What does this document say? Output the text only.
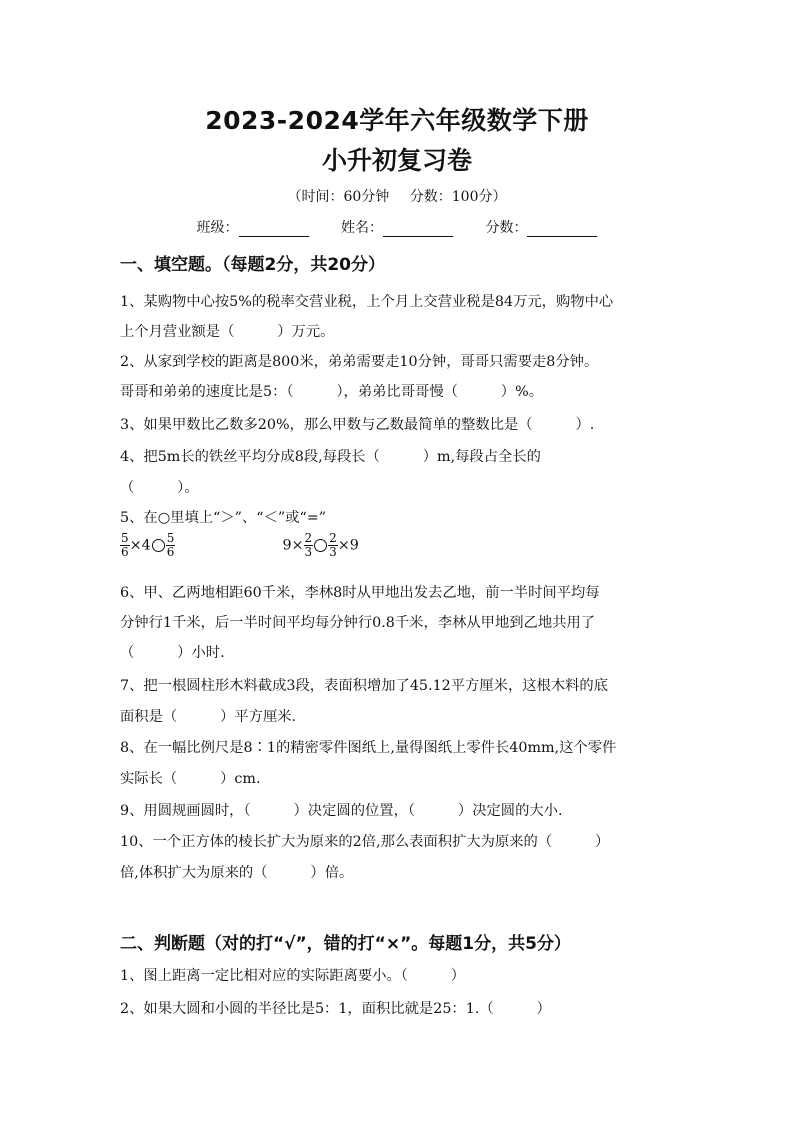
2023-2024学年六年级数学下册
小升初复习卷
（时间：60分钟 分数：100分）
班级：	姓名：	分数：
一、填空题。（每题2分，共20分）
1、某购物中心按5%的税率交营业税，上个月上交营业税是84万元，购物中心
上个月营业额是（　　　）万元。
2、从家到学校的距离是800米，弟弟需要走10分钟，哥哥只需要走8分钟。
哥哥和弟弟的速度比是5：（　　　），弟弟比哥哥慢（　　　）%。
3、如果甲数比乙数多20%，那么甲数与乙数最简单的整数比是（　　　）.
4、把5m长的铁丝平均分成8段,每段长（　　　）m,每段占全长的
（　　　）。
5、在○里填上“＞”、“＜”或“=”
$\frac{5}{6} \times 4 \frac{5}{6}$	$9\times \frac{2}{3} \frac{2}{3} \times 9$
6、甲、乙两地相距60千米，李林8时从甲地出发去乙地，前一半时间平均每
分钟行1千米，后一半时间平均每分钟行0.8千米，李林从甲地到乙地共用了
（　　　）小时.
7、把一根圆柱形木料截成3段，表面积增加了45.12平方厘米，这根木料的底
面积是（　　　）平方厘米.
8、在一幅比例尺是8∶1的精密零件图纸上,量得图纸上零件长40mm,这个零件
实际长（　　　）cm.
9、用圆规画圆时，（　　　）决定圆的位置，（　　　）决定圆的大小.
10、一个正方体的棱长扩大为原来的2倍,那么表面积扩大为原来的（　　　）
倍,体积扩大为原来的（　　　）倍。
二、判断题（对的打“√”，错的打“×”。每题1分，共5分）
1、图上距离一定比相对应的实际距离要小。（　　　）
2、如果大圆和小圆的半径比是5：1，面积比就是25：1.（　　　）
